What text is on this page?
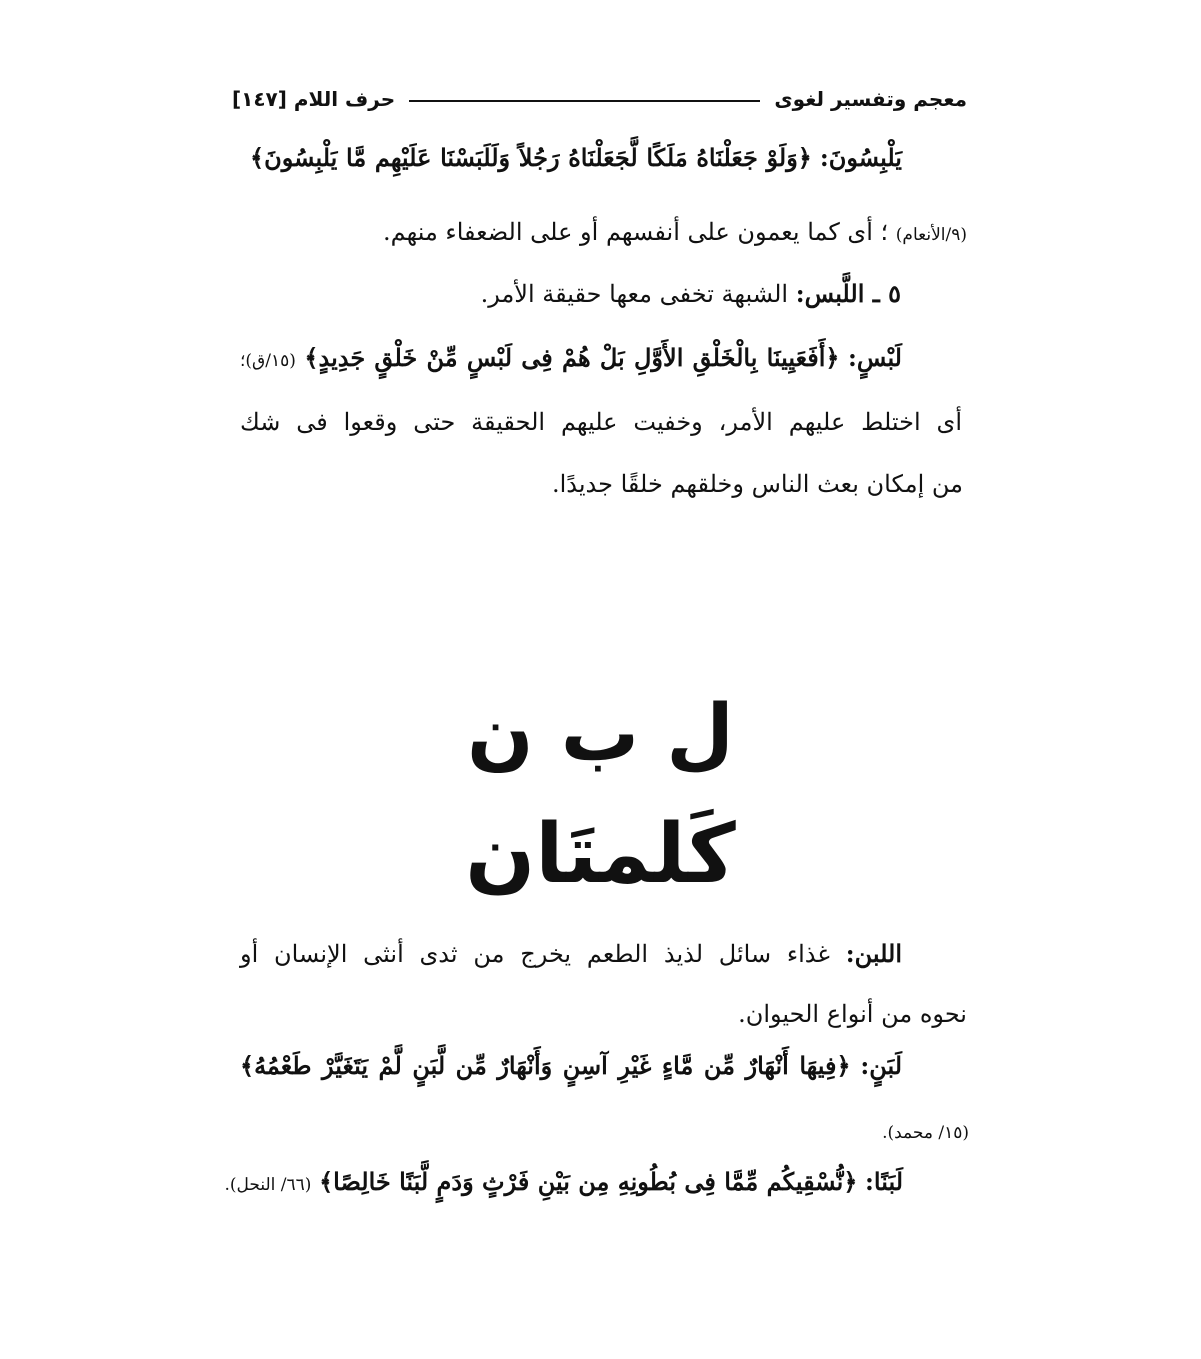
معجم وتفسير لغوى
حرف اللام [١٤٧]
يَلْبِسُونَ: ﴿وَلَوْ جَعَلْنَاهُ مَلَكًا لَّجَعَلْنَاهُ رَجُلاً وَلَلَبَسْنَا عَلَيْهِم مَّا يَلْبِسُونَ﴾
(٩/الأنعام) ؛ أى كما يعمون على أنفسهم أو على الضعفاء منهم.
٥ ـ اللَّبس: الشبهة تخفى معها حقيقة الأمر.
لَبْسٍ: ﴿أَفَعَيِينَا بِالْخَلْقِ الأَوَّلِ بَلْ هُمْ فِى لَبْسٍ مِّنْ خَلْقٍ جَدِيدٍ﴾ (١٥/ق)؛
أى اختلط عليهم الأمر، وخفيت عليهم الحقيقة حتى وقعوا فى شك
من إمكان بعث الناس وخلقهم خلقًا جديدًا.
ل ب ن
كَلمتَان
اللبن: غذاء سائل لذيذ الطعم يخرج من ثدى أنثى الإنسان أو
نحوه من أنواع الحيوان.
لَبَنٍ: ﴿فِيهَا أَنْهَارٌ مِّن مَّاءٍ غَيْرِ آسِنٍ وَأَنْهَارٌ مِّن لَّبَنٍ لَّمْ يَتَغَيَّرْ طَعْمُهُ﴾
(١٥/ محمد).
لَبَنًا: ﴿نُّسْقِيكُم مِّمَّا فِى بُطُونِهِ مِن بَيْنِ فَرْثٍ وَدَمٍ لَّبَنًا خَالِصًا﴾ (٦٦/ النحل).
